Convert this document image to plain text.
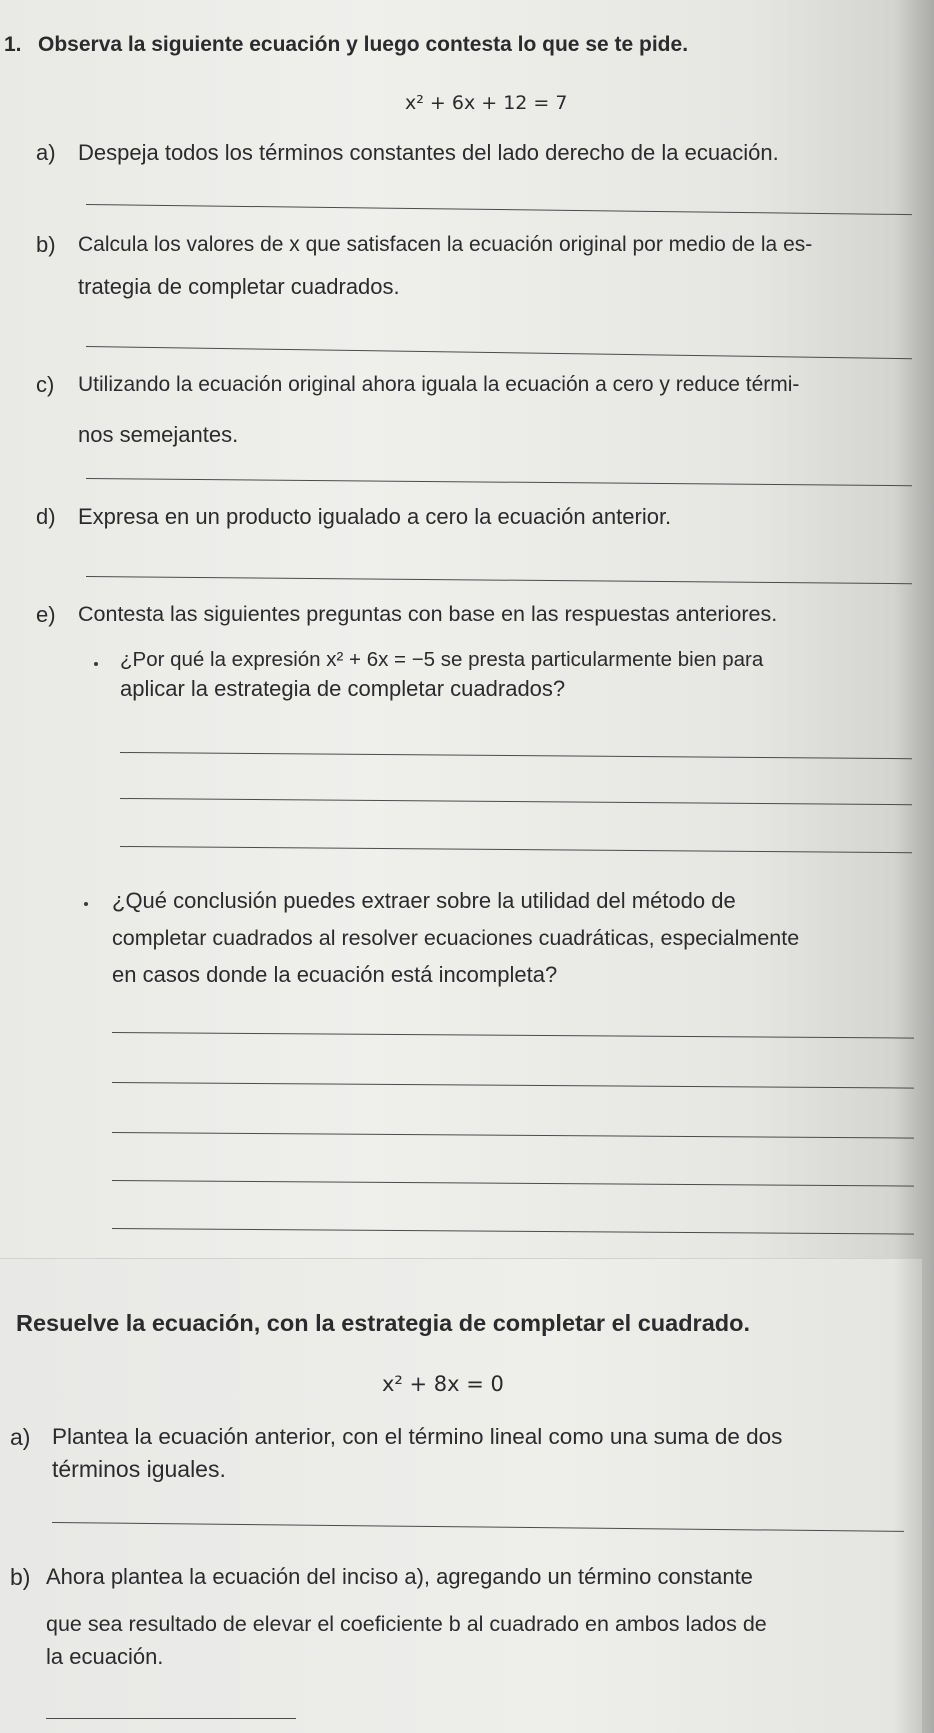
1. Observa la siguiente ecuación y luego contesta lo que se te pide.
x² + 6x + 12 = 7
a) Despeja todos los términos constantes del lado derecho de la ecuación.
b) Calcula los valores de x que satisfacen la ecuación original por medio de la es-
trategia de completar cuadrados.
c) Utilizando la ecuación original ahora iguala la ecuación a cero y reduce térmi-
nos semejantes.
d) Expresa en un producto igualado a cero la ecuación anterior.
e) Contesta las siguientes preguntas con base en las respuestas anteriores.
¿Por qué la expresión x² + 6x = −5 se presta particularmente bien para
aplicar la estrategia de completar cuadrados?
¿Qué conclusión puedes extraer sobre la utilidad del método de
completar cuadrados al resolver ecuaciones cuadráticas, especialmente
en casos donde la ecuación está incompleta?
Resuelve la ecuación, con la estrategia de completar el cuadrado.
x² + 8x = 0
a) Plantea la ecuación anterior, con el término lineal como una suma de dos
términos iguales.
b) Ahora plantea la ecuación del inciso a), agregando un término constante
que sea resultado de elevar el coeficiente b al cuadrado en ambos lados de
la ecuación.
